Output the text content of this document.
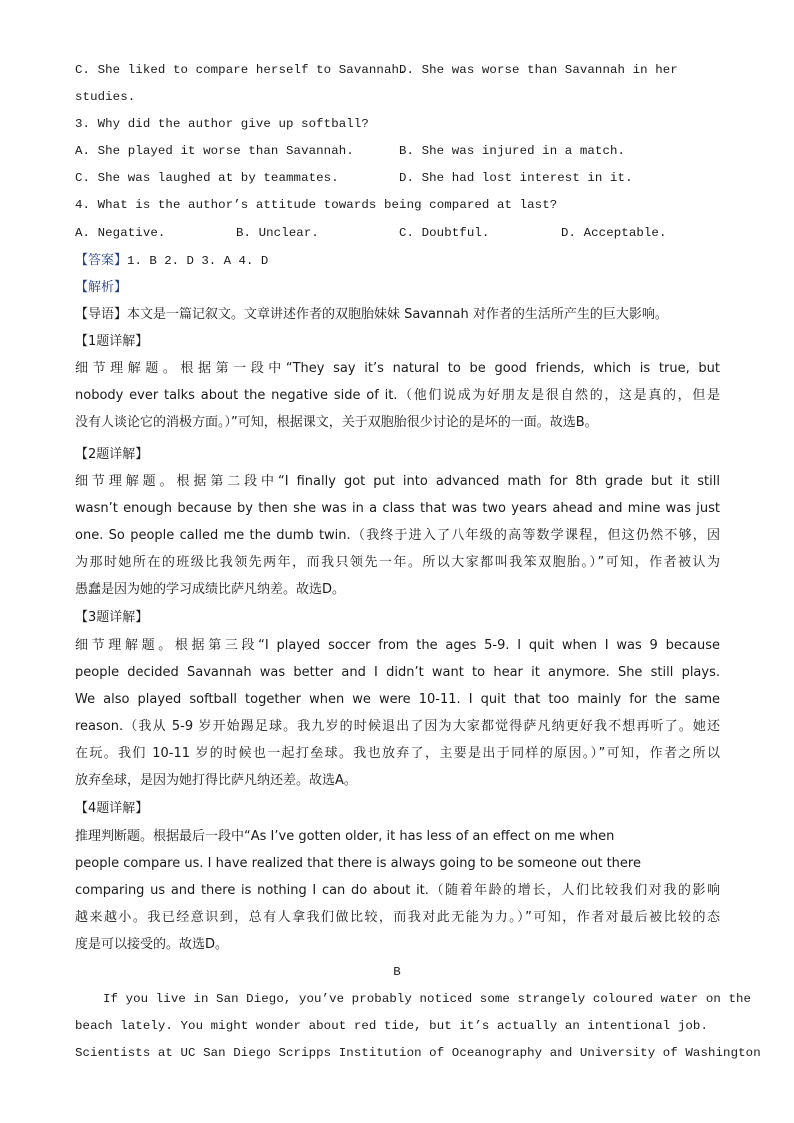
C. She liked to compare herself to Savannah.
D. She was worse than Savannah in her
studies.
3. Why did the author give up softball?
A. She played it worse than Savannah.	B. She was injured in a match.
C. She was laughed at by teammates.	D. She had lost interest in it.
4. What is the author’s attitude towards being compared at last?
A. Negative.	B. Unclear.	C. Doubtful.	D. Acceptable.
【答案】1. B 2. D 3. A 4. D
【解析】
【导语】本文是一篇记叙文。文章讲述作者的双胞胎妹妹 Savannah 对作者的生活所产生的巨大影响。
【1题详解】
细节理解题。根据第一段中“They say it’s natural to be good friends, which is true, but
nobody ever talks about the negative side of it.（他们说成为好朋友是很自然的，这是真的，但是
没有人谈论它的消极方面。）”可知，根据课文，关于双胞胎很少讨论的是坏的一面。故选B。
【2题详解】
细节理解题。根据第二段中“I finally got put into advanced math for 8th grade but it still
wasn’t enough because by then she was in a class that was two years ahead and mine was just
one. So people called me the dumb twin.（我终于进入了八年级的高等数学课程，但这仍然不够，因
为那时她所在的班级比我领先两年，而我只领先一年。所以大家都叫我笨双胞胎。）”可知，作者被认为
愚蠢是因为她的学习成绩比萨凡纳差。故选D。
【3题详解】
细节理解题。根据第三段“I played soccer from the ages 5-9. I quit when I was 9 because
people decided Savannah was better and I didn’t want to hear it anymore. She still plays.
We also played softball together when we were 10-11. I quit that too mainly for the same
reason.（我从 5-9 岁开始踢足球。我九岁的时候退出了因为大家都觉得萨凡纳更好我不想再听了。她还
在玩。我们 10-11 岁的时候也一起打垒球。我也放弃了，主要是出于同样的原因。）”可知，作者之所以
放弃垒球，是因为她打得比萨凡纳还差。故选A。
【4题详解】
推理判断题。根据最后一段中“As I’ve gotten older, it has less of an effect on me when
people compare us. I have realized that there is always going to be someone out there
comparing us and there is nothing I can do about it.（随着年龄的增长，人们比较我们对我的影响
越来越小。我已经意识到，总有人拿我们做比较，而我对此无能为力。）”可知，作者对最后被比较的态
度是可以接受的。故选D。
B
If you live in San Diego, you’ve probably noticed some strangely coloured water on the
beach lately. You might wonder about red tide, but it’s actually an intentional job.
Scientists at UC San Diego Scripps Institution of Oceanography and University of Washington
